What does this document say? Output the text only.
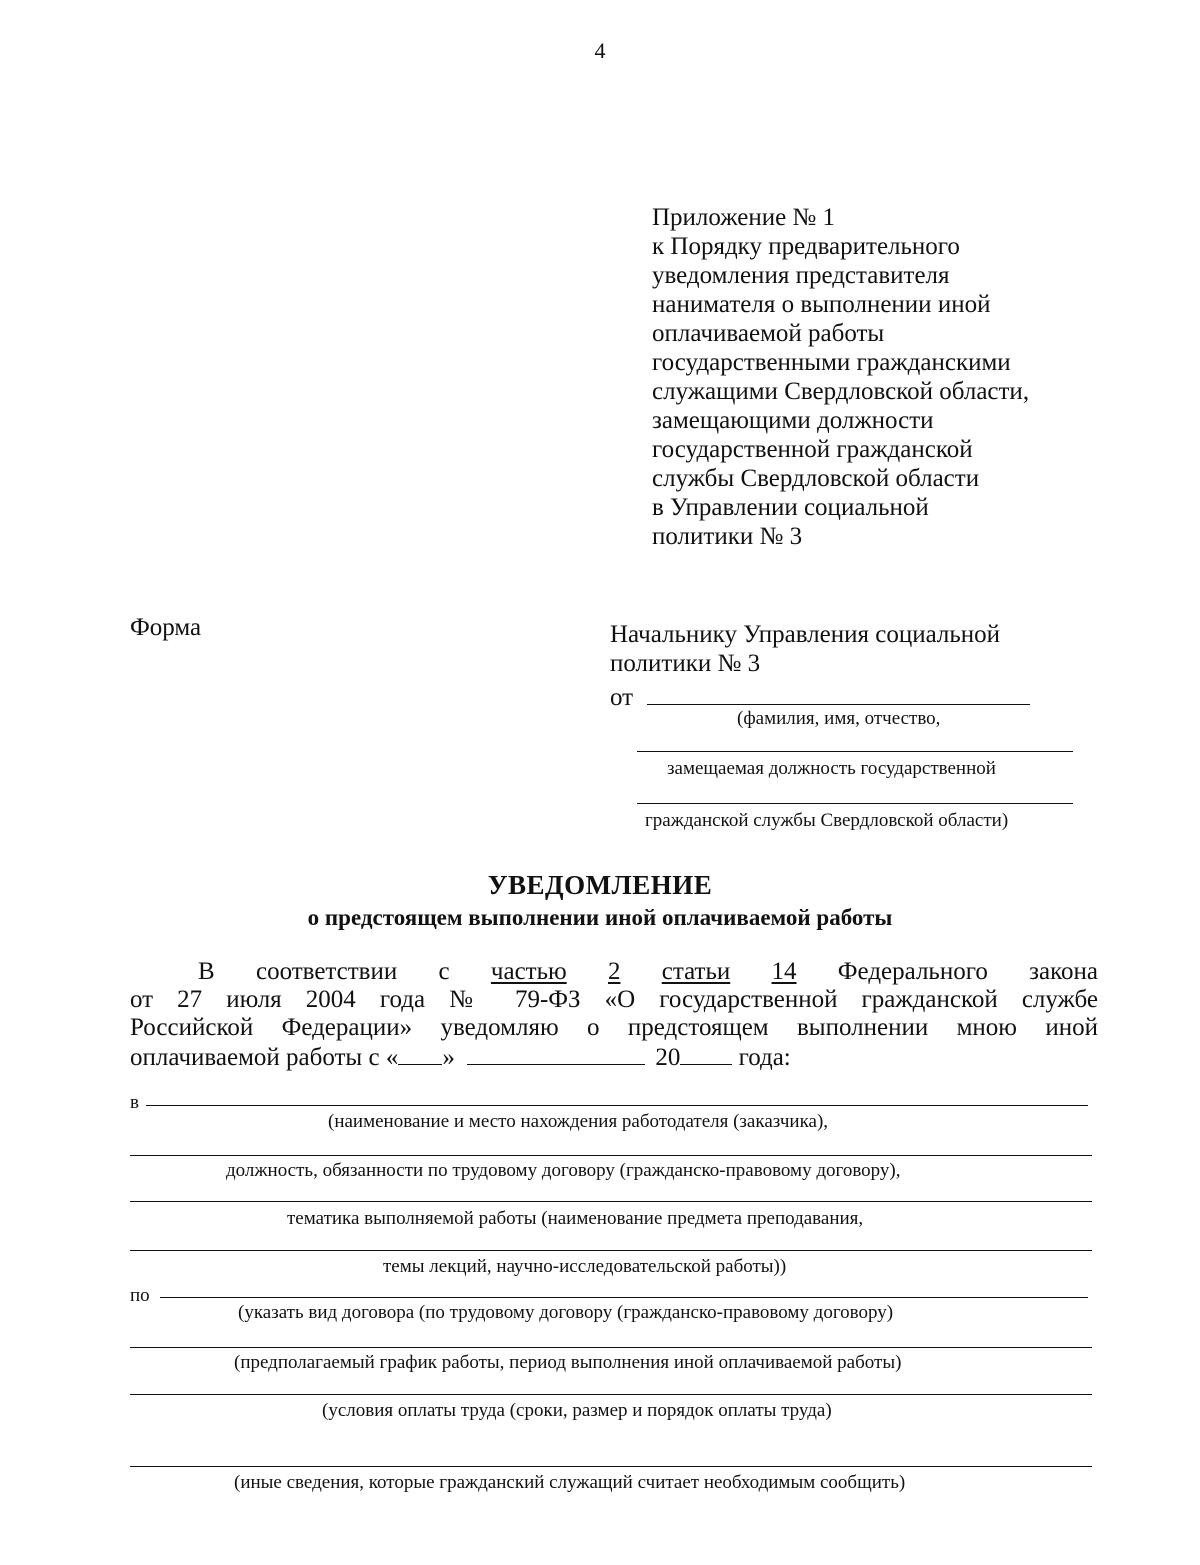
4
Приложение № 1
к Порядку предварительного
уведомления представителя
нанимателя о выполнении иной
оплачиваемой работы
государственными гражданскими
служащими Свердловской области,
замещающими должности
государственной гражданской
службы Свердловской области
в Управлении социальной
политики № 3
Форма	Начальнику Управления социальной
политики № 3
от
(фамилия, имя, отчество,
замещаемая должность государственной
гражданской службы Свердловской области)
УВЕДОМЛЕНИЕ
о предстоящем выполнении иной оплачиваемой работы
В соответствии с частью 2 статьи 14 Федерального закона
от 27 июля 2004 года № 79-ФЗ «О государственной гражданской службе
Российской Федерации» уведомляю о предстоящем выполнении мною иной
оплачиваемой работы с « »	20 года:
в
(наименование и место нахождения работодателя (заказчика),
должность, обязанности по трудовому договору (гражданско-правовому договору),
тематика выполняемой работы (наименование предмета преподавания,
темы лекций, научно-исследовательской работы))
по
(указать вид договора (по трудовому договору (гражданско-правовому договору)
(предполагаемый график работы, период выполнения иной оплачиваемой работы)
(условия оплаты труда (сроки, размер и порядок оплаты труда)
(иные сведения, которые гражданский служащий считает необходимым сообщить)
